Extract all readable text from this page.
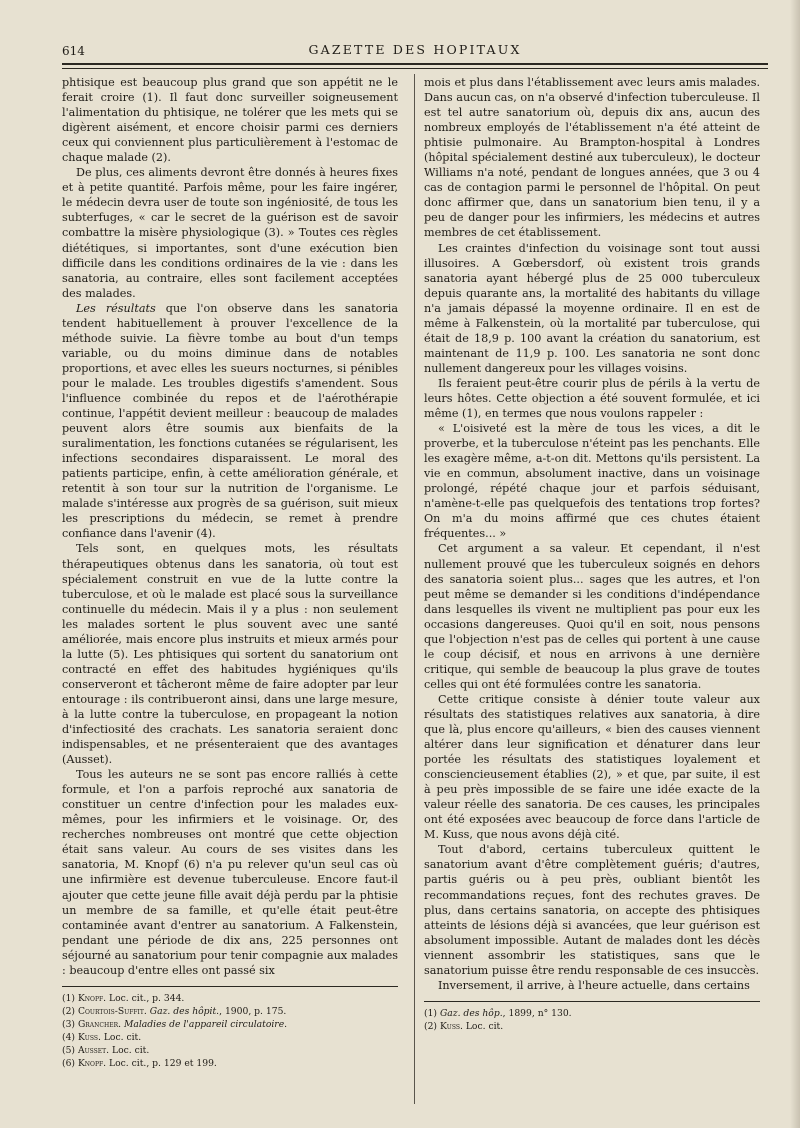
614	GAZETTE DES HOPITAUX

phtisique est beaucoup plus grand que son appétit ne le ferait croire (1). Il faut donc surveiller soigneusement l'alimentation du phtisique, ne tolérer que les mets qui se digèrent aisément, et encore choisir parmi ces derniers ceux qui conviennent plus particulièrement à l'estomac de chaque malade (2).

De plus, ces aliments devront être donnés à heures fixes et à petite quantité. Parfois même, pour les faire ingérer, le médecin devra user de toute son ingéniosité, de tous les subterfuges, « car le secret de la guérison est de savoir combattre la misère physiologique (3). » Toutes ces règles diététiques, si importantes, sont d'une exécution bien difficile dans les conditions ordinaires de la vie : dans les sanatoria, au contraire, elles sont facilement acceptées des malades.

Les résultats que l'on observe dans les sanatoria tendent habituellement à prouver l'excellence de la méthode suivie. La fièvre tombe au bout d'un temps variable, ou du moins diminue dans de notables proportions, et avec elles les sueurs nocturnes, si pénibles pour le malade. Les troubles digestifs s'amendent. Sous l'influence combinée du repos et de l'aérothérapie continue, l'appétit devient meilleur : beaucoup de malades peuvent alors être soumis aux bienfaits de la suralimentation, les fonctions cutanées se régularisent, les infections secondaires disparaissent. Le moral des patients participe, enfin, à cette amélioration générale, et retentit à son tour sur la nutrition de l'organisme. Le malade s'intéresse aux progrès de sa guérison, suit mieux les prescriptions du médecin, se remet à prendre confiance dans l'avenir (4).

Tels sont, en quelques mots, les résultats thérapeutiques obtenus dans les sanatoria, où tout est spécialement construit en vue de la lutte contre la tuberculose, et où le malade est placé sous la surveillance continuelle du médecin. Mais il y a plus : non seulement les malades sortent le plus souvent avec une santé améliorée, mais encore plus instruits et mieux armés pour la lutte (5). Les phtisiques qui sortent du sanatorium ont contracté en effet des habitudes hygiéniques qu'ils conserveront et tâcheront même de faire adopter par leur entourage : ils contribueront ainsi, dans une large mesure, à la lutte contre la tuberculose, en propageant la notion d'infectiosité des crachats. Les sanatoria seraient donc indispensables, et ne présenteraient que des avantages (Ausset).

Tous les auteurs ne se sont pas encore ralliés à cette formule, et l'on a parfois reproché aux sanatoria de constituer un centre d'infection pour les malades eux-mêmes, pour les infirmiers et le voisinage. Or, des recherches nombreuses ont montré que cette objection était sans valeur. Au cours de ses visites dans les sanatoria, M. Knopf (6) n'a pu relever qu'un seul cas où une infirmière est devenue tuberculeuse. Encore faut-il ajouter que cette jeune fille avait déjà perdu par la phtisie un membre de sa famille, et qu'elle était peut-être contaminée avant d'entrer au sanatorium. A Falkenstein, pendant une période de dix ans, 225 personnes ont séjourné au sanatorium pour tenir compagnie aux malades : beaucoup d'entre elles ont passé six

(1) Knopf. Loc. cit., p. 344.
(2) Courtois-Suffit. Gaz. des hôpit., 1900, p. 175.
(3) Grancher. Maladies de l'appareil circulatoire.
(4) Kuss. Loc. cit.
(5) Ausset. Loc. cit.
(6) Knopf. Loc. cit., p. 129 et 199.

mois et plus dans l'établissement avec leurs amis malades. Dans aucun cas, on n'a observé d'infection tuberculeuse. Il est tel autre sanatorium où, depuis dix ans, aucun des nombreux employés de l'établissement n'a été atteint de phtisie pulmonaire. Au Brampton-hospital à Londres (hôpital spécialement destiné aux tuberculeux), le docteur Williams n'a noté, pendant de longues années, que 3 ou 4 cas de contagion parmi le personnel de l'hôpital. On peut donc affirmer que, dans un sanatorium bien tenu, il y a peu de danger pour les infirmiers, les médecins et autres membres de cet établissement.

Les craintes d'infection du voisinage sont tout aussi illusoires. A Gœbersdorf, où existent trois grands sanatoria ayant hébergé plus de 25 000 tuberculeux depuis quarante ans, la mortalité des habitants du village n'a jamais dépassé la moyenne ordinaire. Il en est de même à Falkenstein, où la mortalité par tuberculose, qui était de 18,9 p. 100 avant la création du sanatorium, est maintenant de 11,9 p. 100. Les sanatoria ne sont donc nullement dangereux pour les villages voisins.

Ils feraient peut-être courir plus de périls à la vertu de leurs hôtes. Cette objection a été souvent formulée, et ici même (1), en termes que nous voulons rappeler :

« L'oisiveté est la mère de tous les vices, a dit le proverbe, et la tuberculose n'éteint pas les penchants. Elle les exagère même, a-t-on dit. Mettons qu'ils persistent. La vie en commun, absolument inactive, dans un voisinage prolongé, répété chaque jour et parfois séduisant, n'amène-t-elle pas quelquefois des tentations trop fortes? On m'a du moins affirmé que ces chutes étaient fréquentes... »

Cet argument a sa valeur. Et cependant, il n'est nullement prouvé que les tuberculeux soignés en dehors des sanatoria soient plus... sages que les autres, et l'on peut même se demander si les conditions d'indépendance dans lesquelles ils vivent ne multiplient pas pour eux les occasions dangereuses. Quoi qu'il en soit, nous pensons que l'objection n'est pas de celles qui portent à une cause le coup décisif, et nous en arrivons à une dernière critique, qui semble de beaucoup la plus grave de toutes celles qui ont été formulées contre les sanatoria.

Cette critique consiste à dénier toute valeur aux résultats des statistiques relatives aux sanatoria, à dire que là, plus encore qu'ailleurs, « bien des causes viennent altérer dans leur signification et dénaturer dans leur portée les résultats des statistiques loyalement et consciencieusement établies (2), » et que, par suite, il est à peu près impossible de se faire une idée exacte de la valeur réelle des sanatoria. De ces causes, les principales ont été exposées avec beaucoup de force dans l'article de M. Kuss, que nous avons déjà cité.

Tout d'abord, certains tuberculeux quittent le sanatorium avant d'être complètement guéris; d'autres, partis guéris ou à peu près, oubliant bientôt les recommandations reçues, font des rechutes graves. De plus, dans certains sanatoria, on accepte des phtisiques atteints de lésions déjà si avancées, que leur guérison est absolument impossible. Autant de malades dont les décès viennent assombrir les statistiques, sans que le sanatorium puisse être rendu responsable de ces insuccès.

Inversement, il arrive, à l'heure actuelle, dans certains

(1) Gaz. des hôp., 1899, n° 130.
(2) Kuss. Loc. cit.
